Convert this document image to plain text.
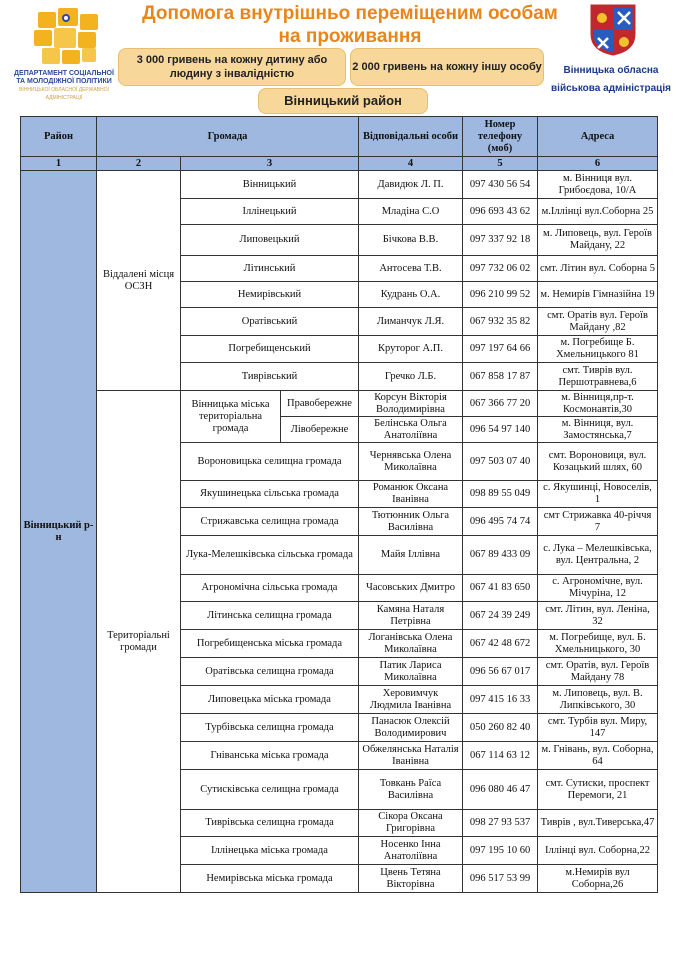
ДЕПАРТАМЕНТ СОЦІАЛЬНОЇ
ТА МОЛОДІЖНОЇ ПОЛІТИКИ
ВІННИЦЬКОЇ ОБЛАСНОЇ ДЕРЖАВНОЇ АДМІНІСТРАЦІЇ
Допомога внутрішньо переміщеним особам
на проживання
3 000 гривень на кожну дитину або людину з інвалідністю
2 000 гривень на кожну іншу особу
Вінницький район
Вінницька обласна
військова адміністрація
Район	Громада			Відповідальні особи	Номер телефону (моб)	Адреса
1	2	3		4	5	6
Вінницький р-н	Віддалені місця ОСЗН	Вінницький		Давидюк Л. П.	097 430 56 54	м. Вінниця вул. Грибоєдова, 10/А
		Іллінецький		Младіна С.О	096 693 43 62	м.Іллінці вул.Соборна 25
		Липовецький		Бічкова В.В.	097 337 92 18	м. Липовець, вул. Героїв Майдану, 22
		Літинський		Антосева Т.В.	097 732 06 02	смт. Літин вул. Соборна 5
		Немирівський		Кудрань О.А.	096 210 99 52	м. Немирів Гімназійна 19
		Оратівський		Лиманчук Л.Я.	067 932 35 82	смт. Оратів вул. Героїв Майдану ,82
		Погребищенський		Круторог А.П.	097 197 64 66	м. Погребище Б. Хмельницького 81
		Тиврівський		Гречко Л.Б.	067 858 17 87	смт. Тиврів вул. Першотравнева,6
	Територіальні громади	Вінницька міська територіальна громада	Правобережне	Корсун Вікторія Володимирівна	067 366 77 20	м. Вінниця,пр-т. Космонавтів,30
			Лівобережне	Белінська Ольга Анатоліївна	096 54 97 140	м. Вінниця, вул. Замостянська,7
		Вороновицька селищна громада		Чернявська Олена Миколаївна	097 503 07 40	смт. Вороновиця, вул. Козацький шлях, 60
		Якушинецька сільська громада		Романюк Оксана Іванівна	098 89 55 049	с. Якушинці, Новоселів, 1
		Стрижавська селищна громада		Тютюнник Ольга Василівна	096 495 74 74	смт Стрижавка 40-річчя 7
		Лука-Мелешківська сільська громада		Майя Іллівна	067 89 433 09	с. Лука – Мелешківська, вул. Центральна, 2
		Агрономічна сільська громада		Часовських Дмитро	067 41 83 650	с. Агрономічне, вул. Мічуріна, 12
		Літинська селищна громада		Камяна Наталя Петрівна	067 24 39 249	смт. Літин, вул. Леніна, 32
		Погребищенська міська громада		Логанівська Олена Миколаївна	067 42 48 672	м. Погребище, вул. Б. Хмельницького, 30
		Оратівська селищна громада		Патик Лариса Миколаївна	096 56 67 017	смт. Оратів, вул. Героїв Майдану 78
		Липовецька міська громада		Херовимчук Людмила Іванівна	097 415 16 33	м. Липовець, вул. В. Липківського, 30
		Турбівська селищна громада		Панасюк Олексій Володимирович	050 260 82 40	смт. Турбів вул. Миру, 147
		Гніванська міська громада		Обжелянська Наталія Іванівна	067 114 63 12	м. Гнівань, вул. Соборна, 64
		Сутисківська селищна громада		Товкань Раїса Василівна	096 080 46 47	смт. Сутиски, проспект Перемоги, 21
		Тиврівська селищна громада		Сікора Оксана Григорівна	098 27 93 537	Тиврів , вул.Тиверська,47
		Іллінецька міська громада		Носенко Інна Анатоліївна	097 195 10 60	Іллінці вул. Соборна,22
		Немирівська міська громада		Цвень Тетяна Вікторівна	096 517 53 99	м.Немирів вул Соборна,26
